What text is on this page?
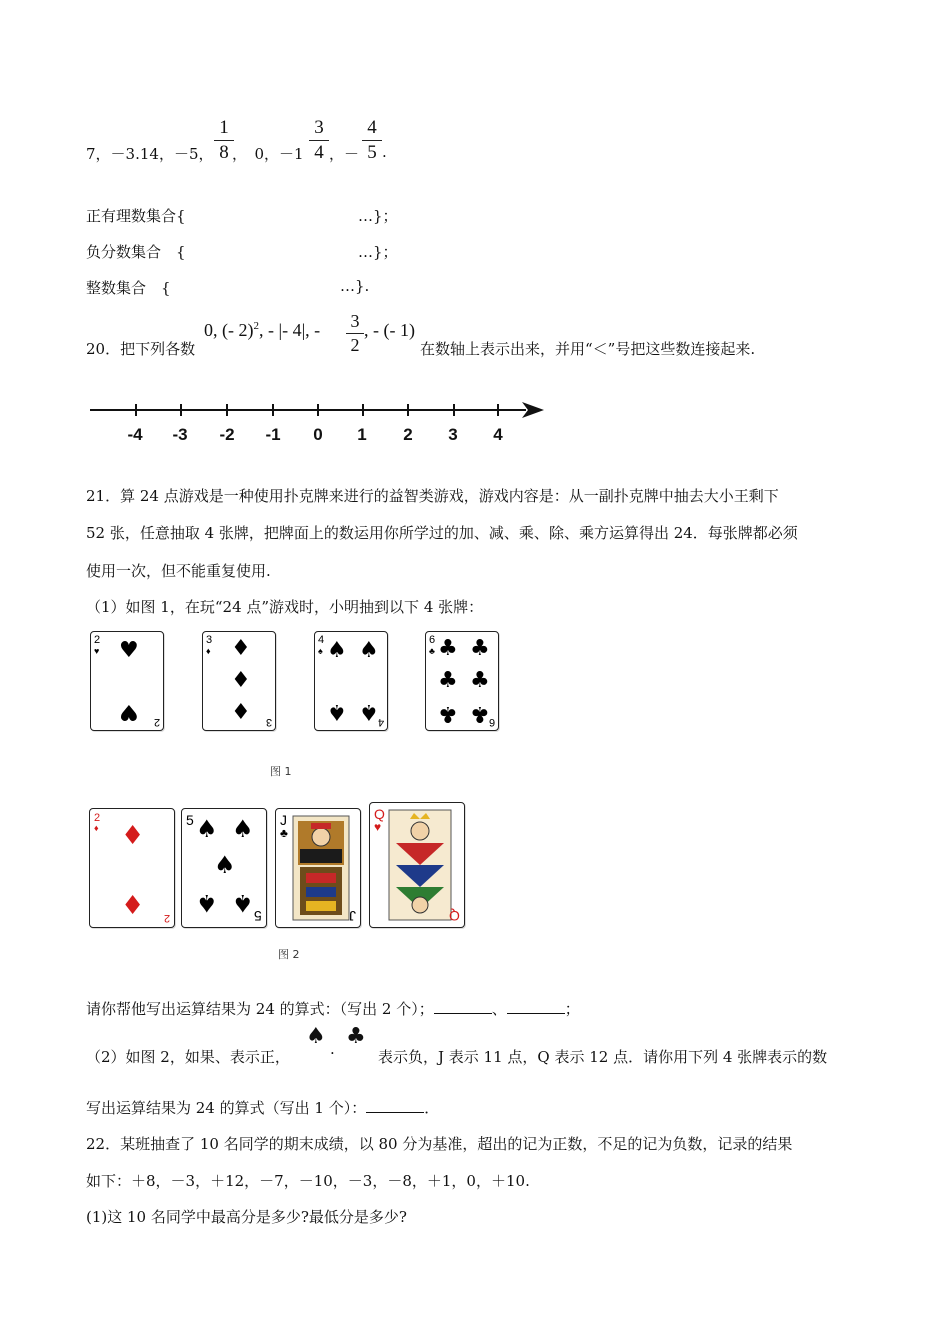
7，－3.14，－5，
1
8 ，　0，－1
3
4 ，－
4
5 .
正有理数集合{	…}；
负分数集合　{	…}；
整数集合　{	…}.
20．把下列各数
0, (- 2)$^2$, - |- 4|, - 3
2
, - (- 1)
在数轴上表示出来，并用“＜”号把这些数连接起来.
-4	-3	-2	-1	0	1	2	3	4
21．算 24 点游戏是一种使用扑克牌来进行的益智类游戏，游戏内容是：从一副扑克牌中抽去大小王剩下
52 张，任意抽取 4 张牌，把牌面上的数运用你所学过的加、减、乘、除、乘方运算得出 24．每张牌都必须
使用一次，但不能重复使用.
（1）如图 1，在玩“24 点”游戏时，小明抽到以下 4 张牌：
2
♥ ♥
♥ 2
3
♦ ♦
♦
♦ 3
4
♠ ♠ ♠
♠ ♠ 4
6
♣ ♣ ♣
♣ ♣
♣ ♣ 6
图 1
2
♦ ♦
♦ 2
5 ♠ ♠
♠
♠ ♠ 5
J
♣
J
Q
♥
Q
图 2
请你帮他写出运算结果为 24 的算式：（写出 2 个）；	、	；
（2）如图 2，如果、表示正，
♠ . ♣
表示负，J 表示 11 点，Q 表示 12 点．请你用下列 4 张牌表示的数
写出运算结果为 24 的算式（写出 1 个）：	．
22．某班抽查了 10 名同学的期末成绩，以 80 分为基准，超出的记为正数，不足的记为负数，记录的结果
如下：＋8，－3，＋12，－7，－10，－3，－8，＋1，0，＋10.
(1)这 10 名同学中最高分是多少?最低分是多少?
